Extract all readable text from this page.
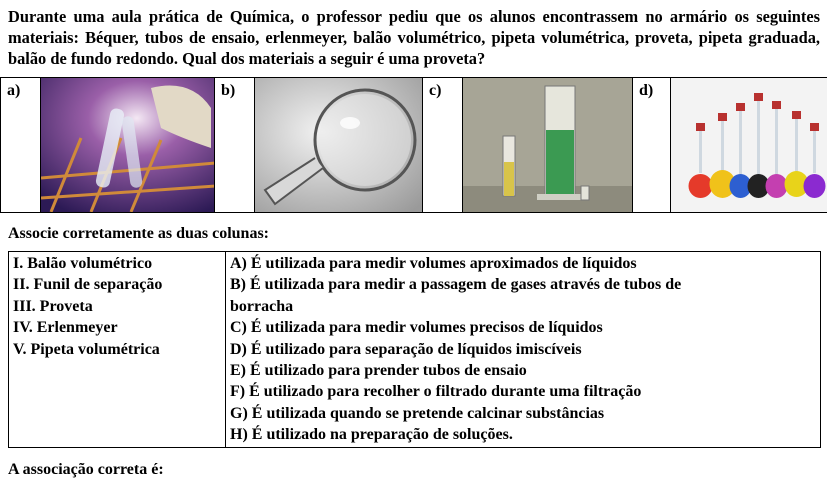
Durante uma aula prática de Química, o professor pediu que os alunos encontrassem no armário os seguintes materiais: Béquer, tubos de ensaio, erlenmeyer, balão volumétrico, pipeta volumétrica, proveta, pipeta graduada, balão de fundo redondo. Qual dos materiais a seguir é uma proveta?
a)		b)		c)		d)	
Associe corretamente as duas colunas:
I. Balão volumétrico
II. Funil de separação
III. Proveta
IV. Erlenmeyer
V. Pipeta volumétrica

A) É utilizada para medir volumes aproximados de líquidos
B) É utilizada para medir a passagem de gases através de tubos de
borracha
C) É utilizada para medir volumes precisos de líquidos
D) É utilizado para separação de líquidos imiscíveis
E) É utilizado para prender tubos de ensaio
F) É utilizado para recolher o filtrado durante uma filtração
G) É utilizada quando se pretende calcinar substâncias
H) É utilizado na preparação de soluções.
A associação correta é:
